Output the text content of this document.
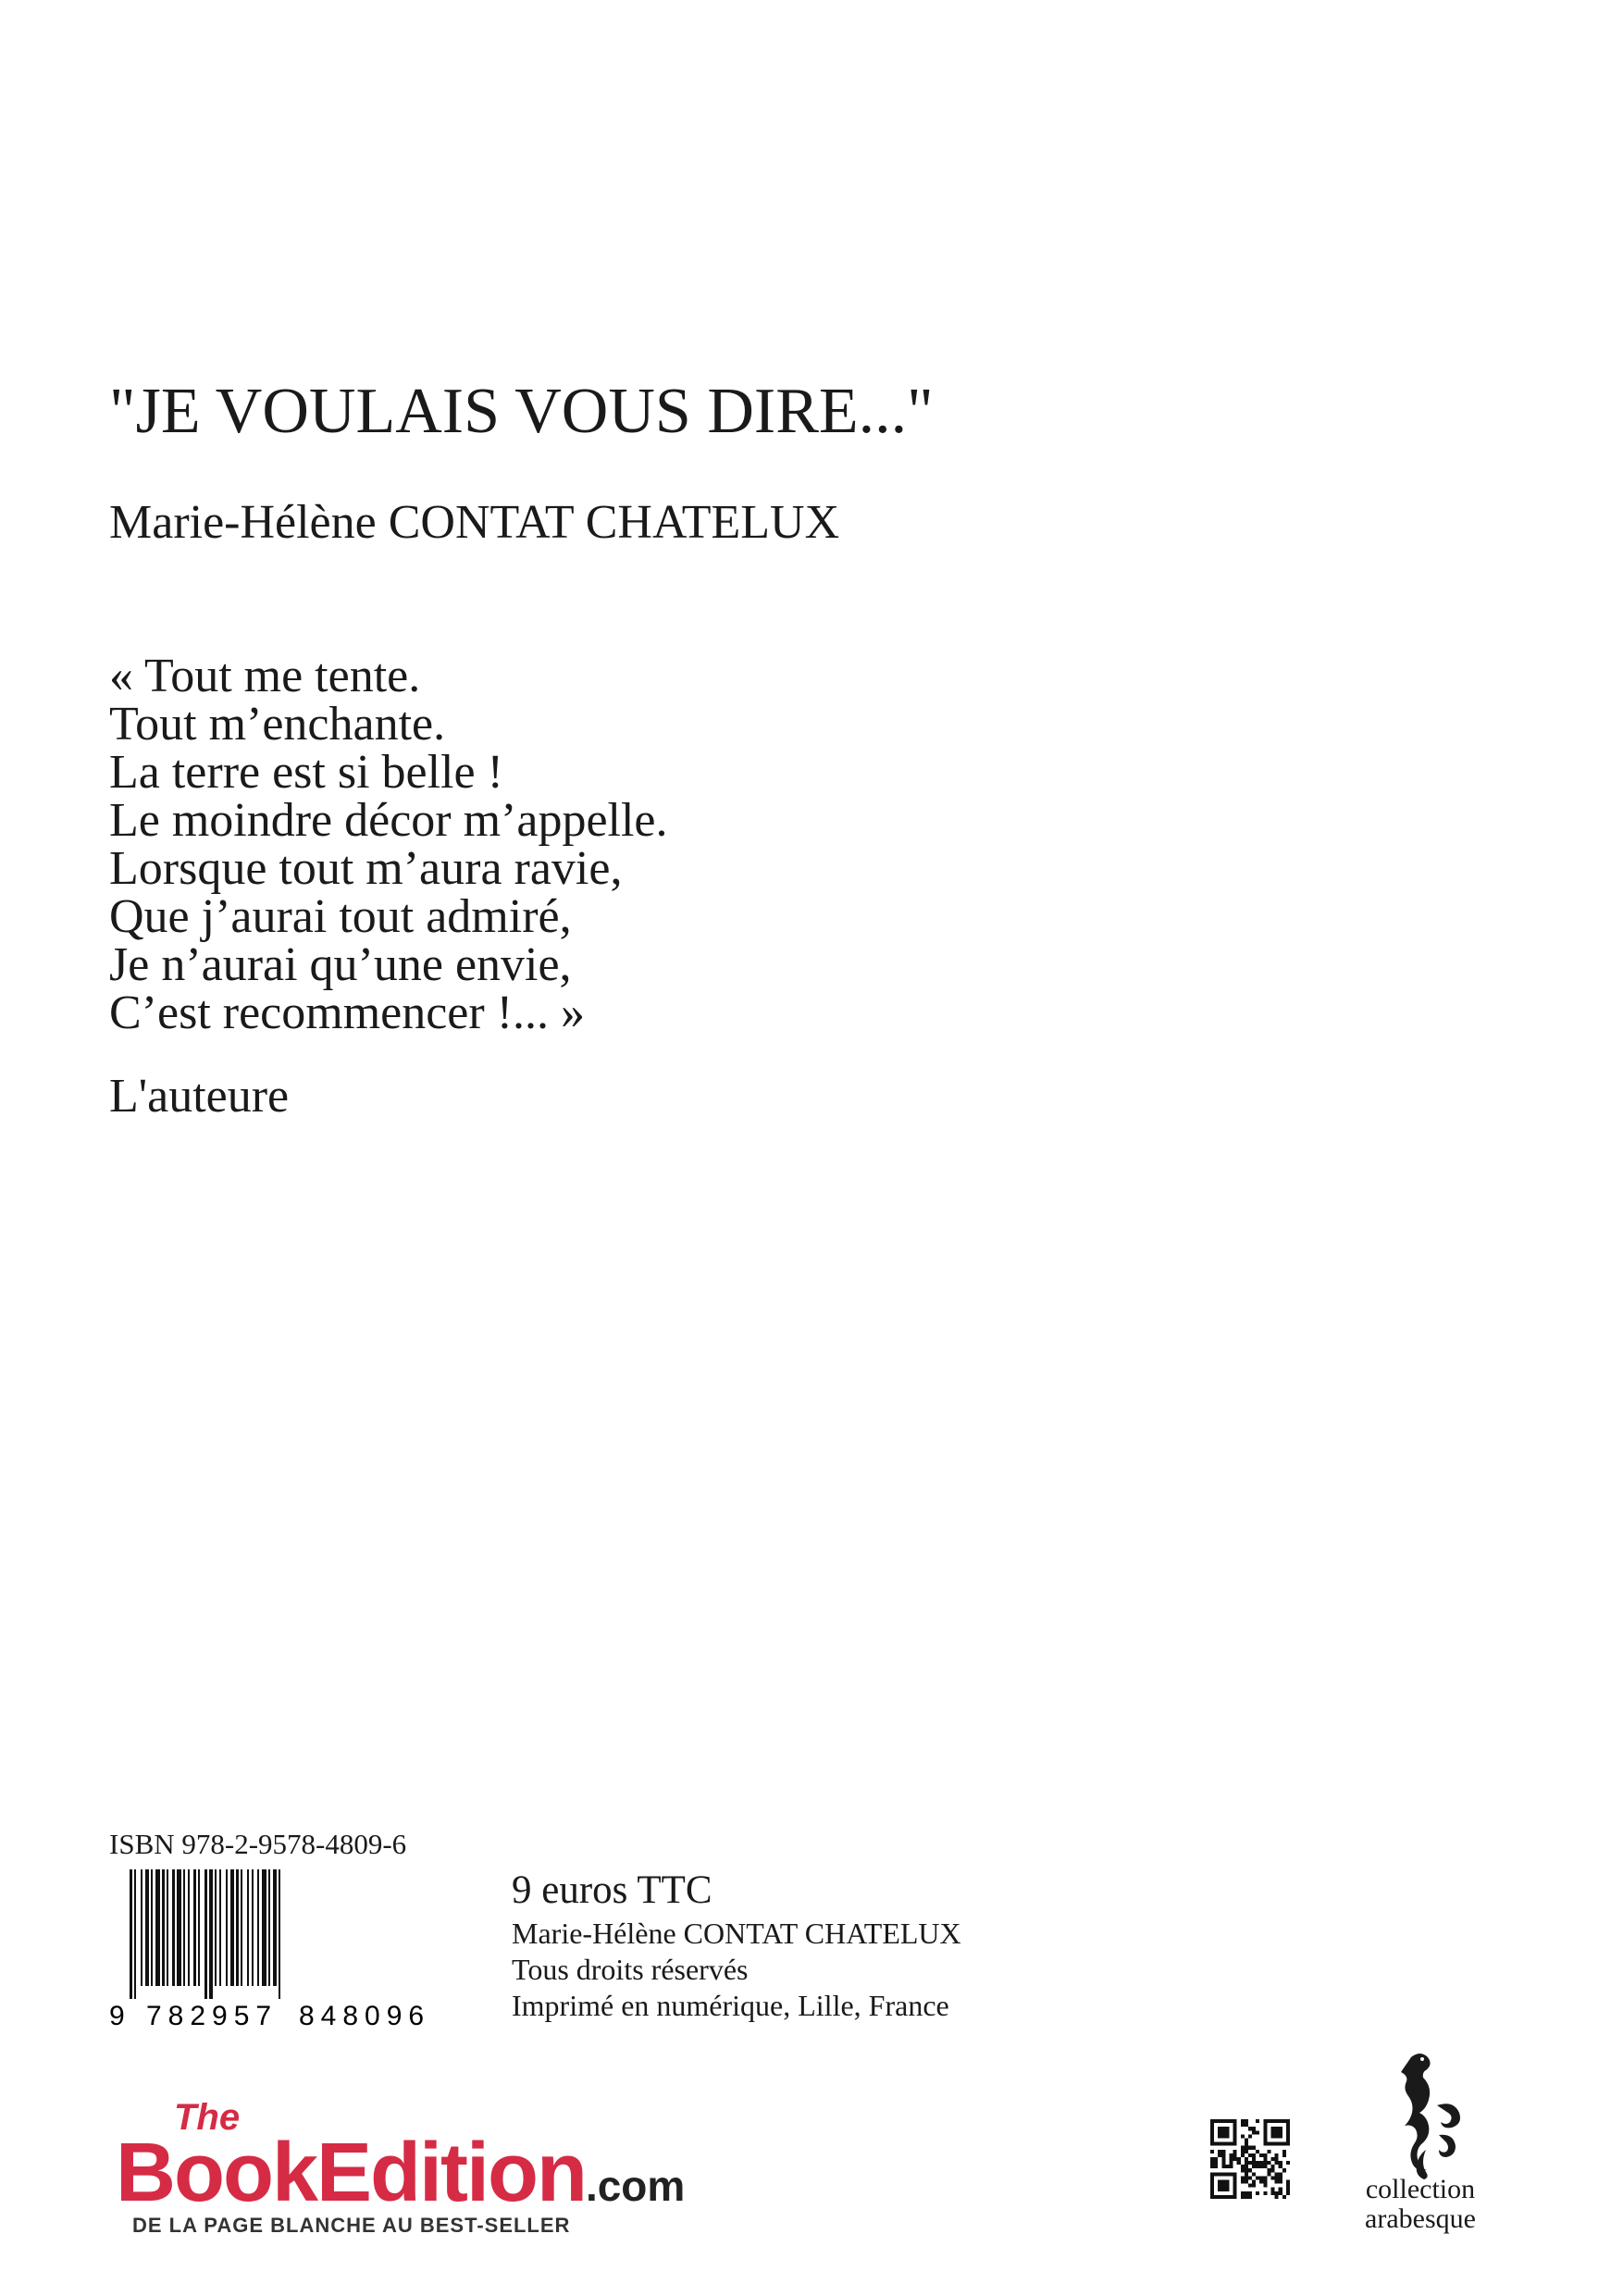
"JE VOULAIS VOUS DIRE..."
Marie-Hélène CONTAT CHATELUX
« Tout me tente.
Tout m’enchante.
La terre est si belle !
Le moindre décor m’appelle.
Lorsque tout m’aura ravie,
Que j’aurai tout admiré,
Je n’aurai qu’une envie,
C’est recommencer !... »
L'auteure
ISBN 978-2-9578-4809-6
9 782957 848096
9 euros TTC
Marie-Hélène CONTAT CHATELUX
Tous droits réservés
Imprimé en numérique, Lille, France
The
BookEdition.com
DE LA PAGE BLANCHE AU BEST-SELLER
collection
arabesque
